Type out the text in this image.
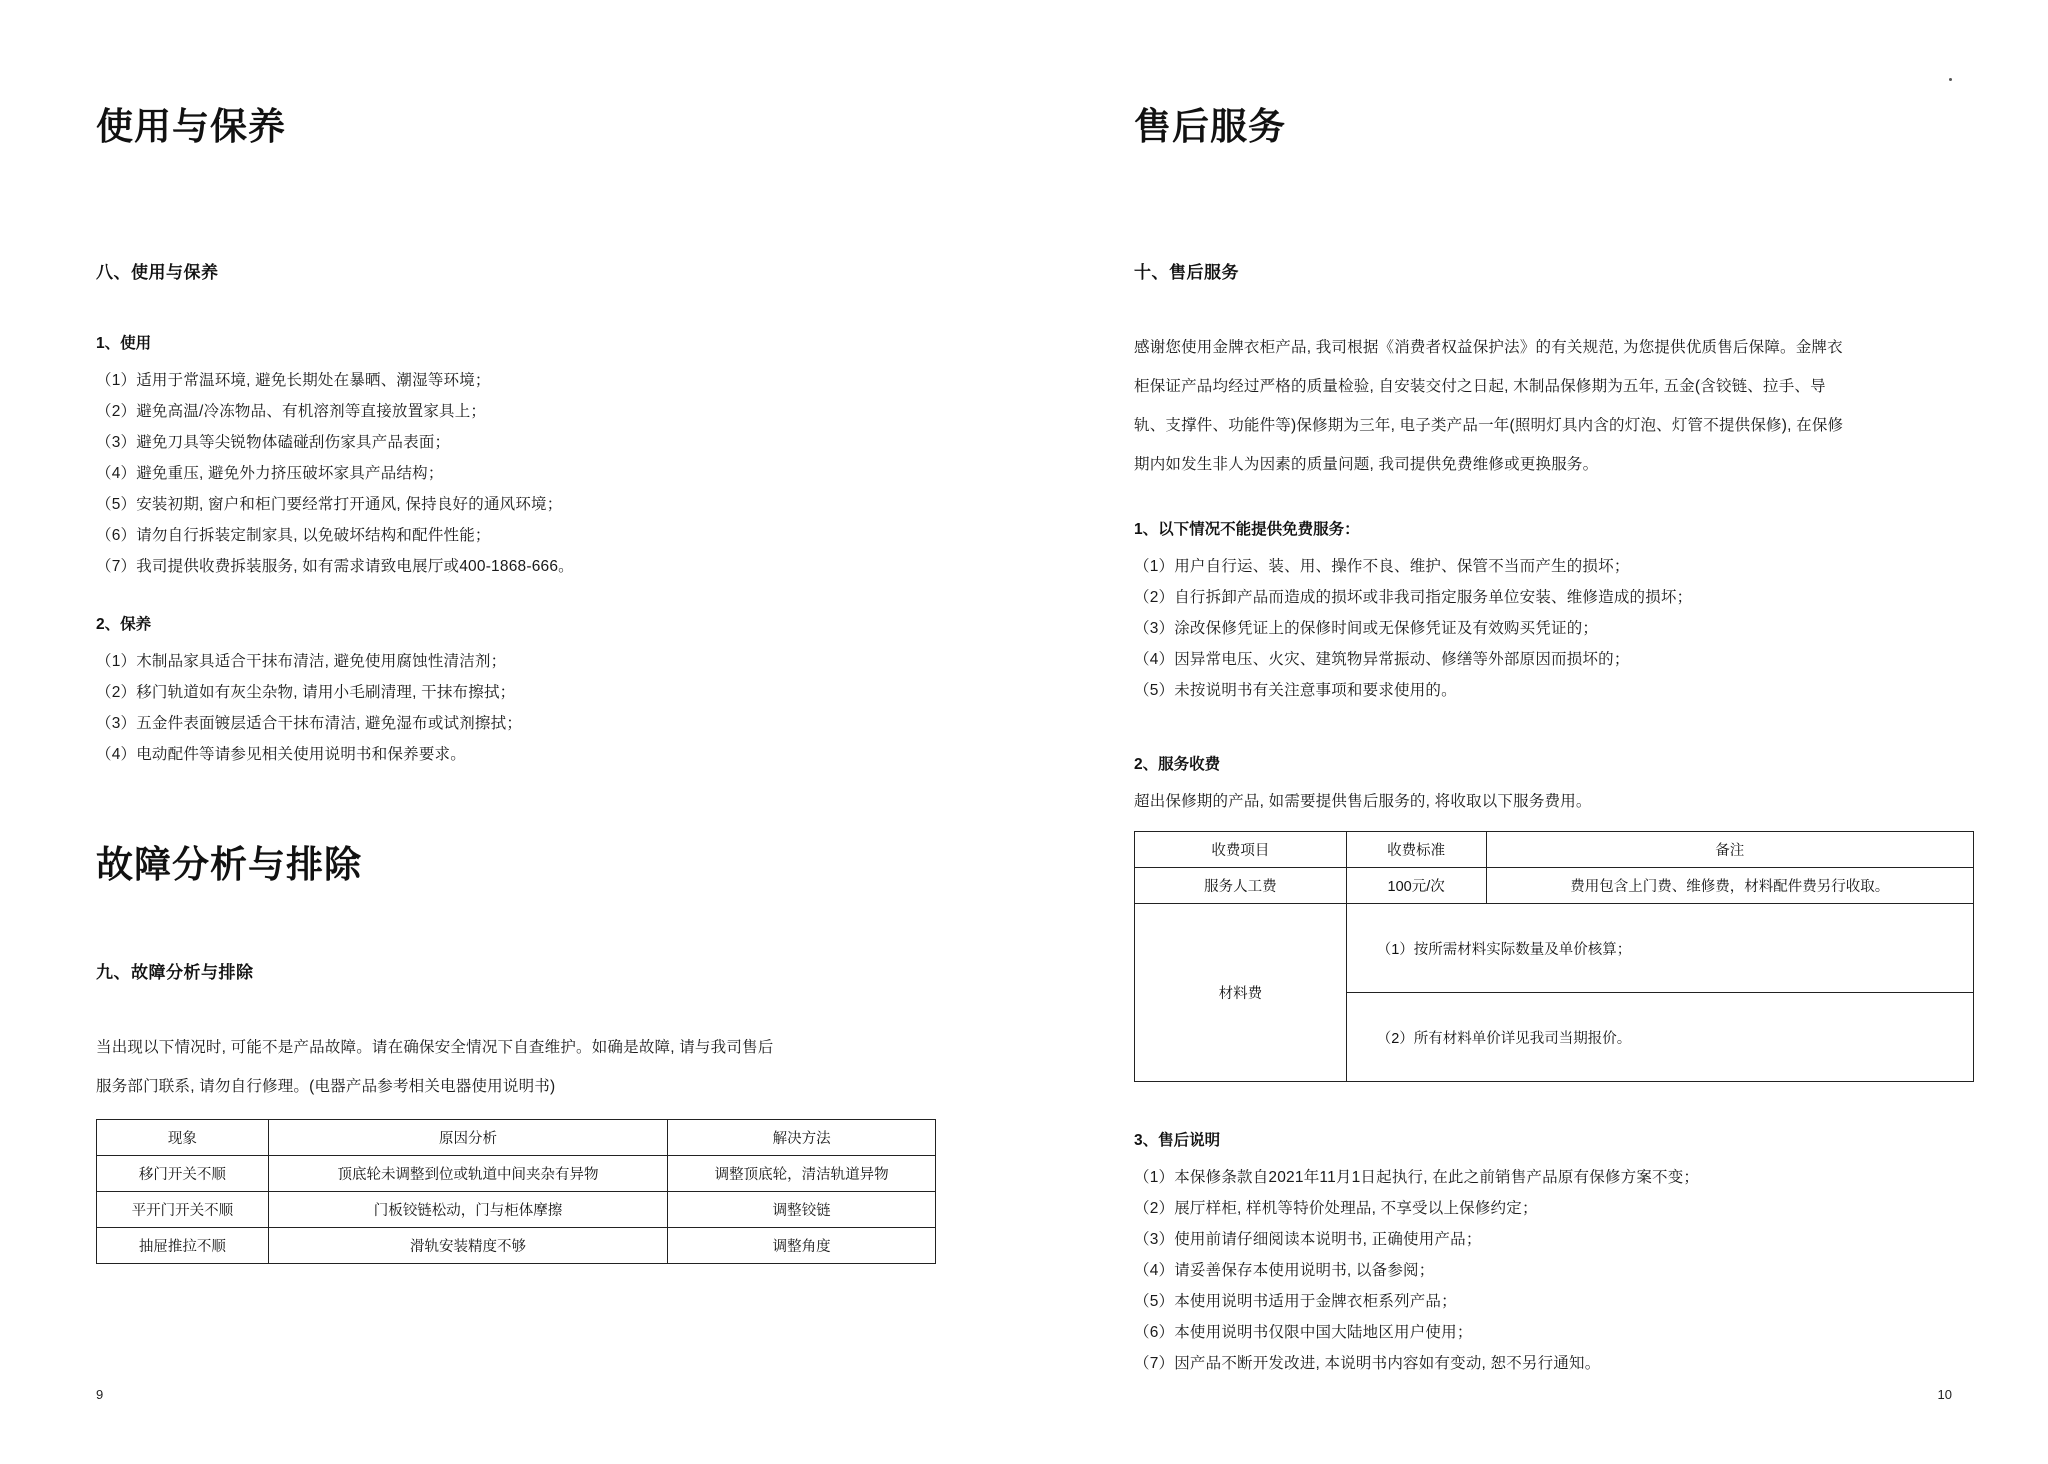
使用与保养
八、使用与保养
1、使用

（1）适用于常温环境, 避免长期处在暴晒、潮湿等环境；

（2）避免高温/冷冻物品、有机溶剂等直接放置家具上；

（3）避免刀具等尖锐物体磕碰刮伤家具产品表面；

（4）避免重压, 避免外力挤压破坏家具产品结构；

（5）安装初期, 窗户和柜门要经常打开通风, 保持良好的通风环境；

（6）请勿自行拆装定制家具, 以免破坏结构和配件性能；

（7）我司提供收费拆装服务, 如有需求请致电展厅或400-1868-666。

2、保养

（1）木制品家具适合干抹布清洁, 避免使用腐蚀性清洁剂；

（2）移门轨道如有灰尘杂物, 请用小毛刷清理, 干抹布擦拭；

（3）五金件表面镀层适合干抹布清洁, 避免湿布或试剂擦拭；

（4）电动配件等请参见相关使用说明书和保养要求。

故障分析与排除
九、故障分析与排除

当出现以下情况时, 可能不是产品故障。请在确保安全情况下自查维护。如确是故障, 请与我司售后

服务部门联系, 请勿自行修理。(电器产品参考相关电器使用说明书)

现象	原因分析	解决方法
移门开关不顺	顶底轮未调整到位或轨道中间夹杂有异物	调整顶底轮，清洁轨道异物
平开门开关不顺	门板铰链松动，门与柜体摩擦	调整铰链
抽屉推拉不顺	滑轨安装精度不够	调整角度
9
售后服务
十、售后服务

感谢您使用金牌衣柜产品, 我司根据《消费者权益保护法》的有关规范, 为您提供优质售后保障。金牌衣

柜保证产品均经过严格的质量检验, 自安装交付之日起, 木制品保修期为五年, 五金(含铰链、拉手、导

轨、支撑件、功能件等)保修期为三年, 电子类产品一年(照明灯具内含的灯泡、灯管不提供保修), 在保修

期内如发生非人为因素的质量问题, 我司提供免费维修或更换服务。

1、以下情况不能提供免费服务：

（1）用户自行运、装、用、操作不良、维护、保管不当而产生的损坏；

（2）自行拆卸产品而造成的损坏或非我司指定服务单位安装、维修造成的损坏；

（3）涂改保修凭证上的保修时间或无保修凭证及有效购买凭证的；

（4）因异常电压、火灾、建筑物异常振动、修缮等外部原因而损坏的；

（5）未按说明书有关注意事项和要求使用的。

2、服务收费

超出保修期的产品, 如需要提供售后服务的, 将收取以下服务费用。

收费项目	收费标准	备注
服务人工费	100元/次	费用包含上门费、维修费，材料配件费另行收取。
材料费	（1）按所需材料实际数量及单价核算；	
	（2）所有材料单价详见我司当期报价。	
3、售后说明

（1）本保修条款自2021年11月1日起执行, 在此之前销售产品原有保修方案不变；

（2）展厅样柜, 样机等特价处理品, 不享受以上保修约定；

（3）使用前请仔细阅读本说明书, 正确使用产品；

（4）请妥善保存本使用说明书, 以备参阅；

（5）本使用说明书适用于金牌衣柜系列产品；

（6）本使用说明书仅限中国大陆地区用户使用；

（7）因产品不断开发改进, 本说明书内容如有变动, 恕不另行通知。

10
